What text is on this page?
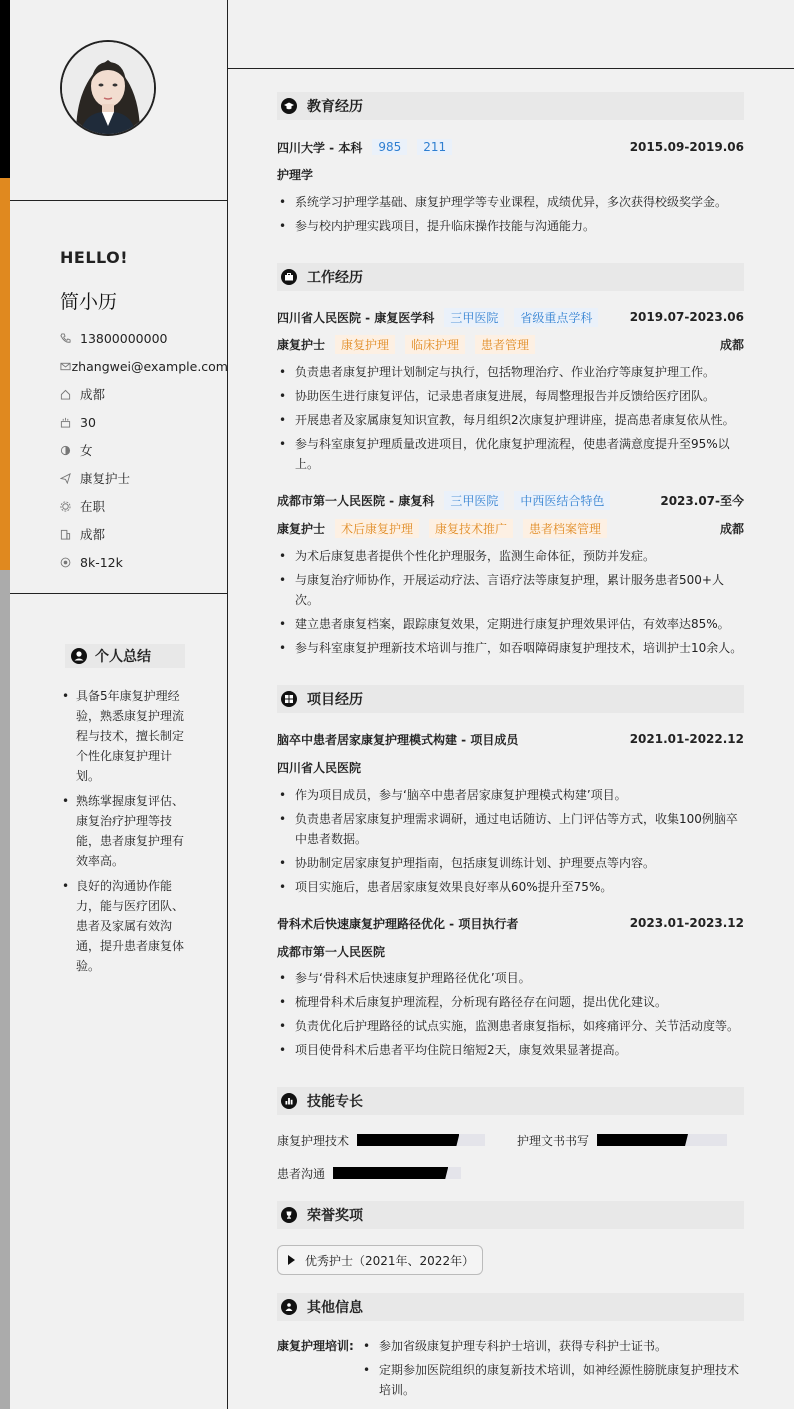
HELLO!
简小历
13800000000
zhangwei@example.com
成都
30
女
康复护士
在职
成都
8k-12k
个人总结
• 具备5年康复护理经验，熟悉康复护理流程与技术，擅长制定个性化康复护理计划。
• 熟练掌握康复评估、康复治疗护理等技能，患者康复护理有效率高。
• 良好的沟通协作能力，能与医疗团队、患者及家属有效沟通，提升患者康复体验。
教育经历
四川大学 - 本科	985	211	2015.09-2019.06
护理学
• 系统学习护理学基础、康复护理学等专业课程，成绩优异，多次获得校级奖学金。
• 参与校内护理实践项目，提升临床操作技能与沟通能力。
工作经历
四川省人民医院 - 康复医学科	三甲医院	省级重点学科	2019.07-2023.06
康复护士	康复护理	临床护理	患者管理	成都
• 负责患者康复护理计划制定与执行，包括物理治疗、作业治疗等康复护理工作。
• 协助医生进行康复评估，记录患者康复进展，每周整理报告并反馈给医疗团队。
• 开展患者及家属康复知识宣教，每月组织2次康复护理讲座，提高患者康复依从性。
• 参与科室康复护理质量改进项目，优化康复护理流程，使患者满意度提升至95%以上。
成都市第一人民医院 - 康复科	三甲医院	中西医结合特色	2023.07-至今
康复护士	术后康复护理	康复技术推广	患者档案管理	成都
• 为术后康复患者提供个性化护理服务，监测生命体征，预防并发症。
• 与康复治疗师协作，开展运动疗法、言语疗法等康复护理，累计服务患者500+人次。
• 建立患者康复档案，跟踪康复效果，定期进行康复护理效果评估，有效率达85%。
• 参与科室康复护理新技术培训与推广，如吞咽障碍康复护理技术，培训护士10余人。
项目经历
脑卒中患者居家康复护理模式构建 - 项目成员	2021.01-2022.12
四川省人民医院
• 作为项目成员，参与‘脑卒中患者居家康复护理模式构建’项目。
• 负责患者居家康复护理需求调研，通过电话随访、上门评估等方式，收集100例脑卒中患者数据。
• 协助制定居家康复护理指南，包括康复训练计划、护理要点等内容。
• 项目实施后，患者居家康复效果良好率从60%提升至75%。
骨科术后快速康复护理路径优化 - 项目执行者	2023.01-2023.12
成都市第一人民医院
• 参与‘骨科术后快速康复护理路径优化’项目。
• 梳理骨科术后康复护理流程，分析现有路径存在问题，提出优化建议。
• 负责优化后护理路径的试点实施，监测患者康复指标，如疼痛评分、关节活动度等。
• 项目使骨科术后患者平均住院日缩短2天，康复效果显著提高。
技能专长
康复护理技术	护理文书书写
患者沟通
荣誉奖项
优秀护士（2021年、2022年）
其他信息
康复护理培训:
•	参加省级康复护理专科护士培训，获得专科护士证书。
• 定期参加医院组织的康复新技术培训，如神经源性膀胱康复护理技术培训。
